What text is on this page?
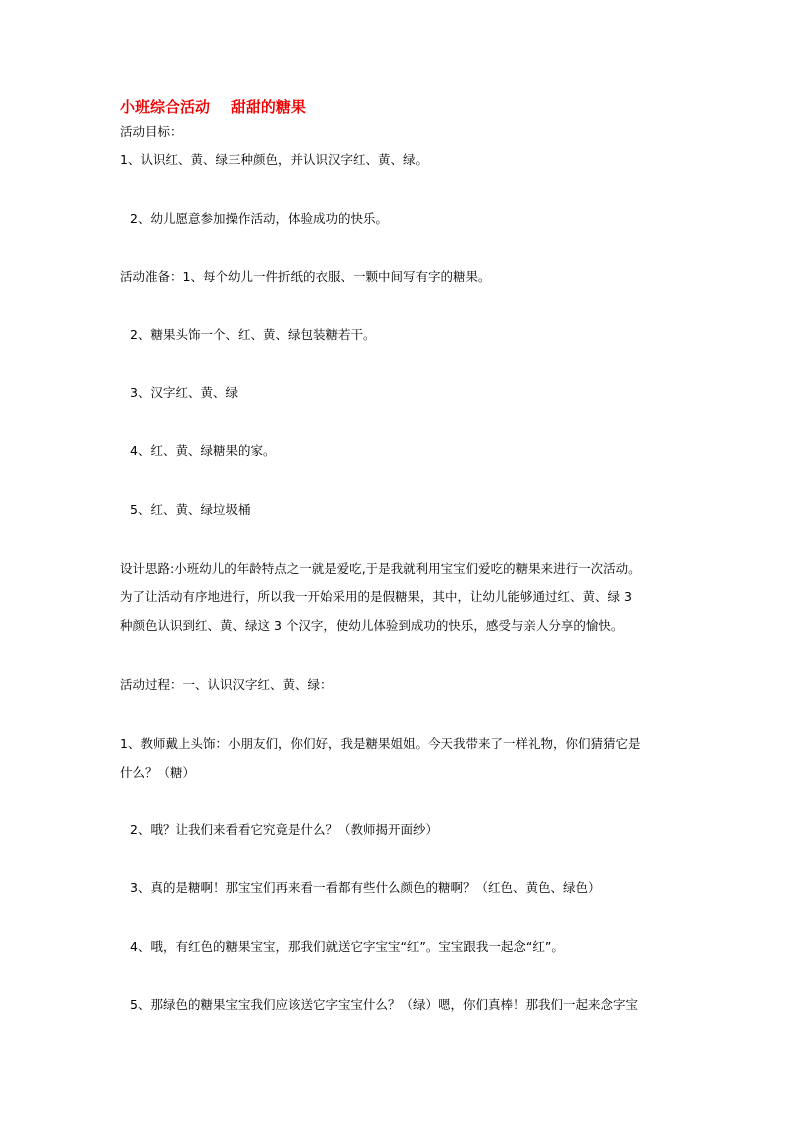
小班综合活动    甜甜的糖果

活动目标：

1、认识红、黄、绿三种颜色，并认识汉字红、黄、绿。

2、幼儿愿意参加操作活动，体验成功的快乐。

活动准备：1、每个幼儿一件折纸的衣服、一颗中间写有字的糖果。

2、糖果头饰一个、红、黄、绿包装糖若干。

3、汉字红、黄、绿

4、红、黄、绿糖果的家。

5、红、黄、绿垃圾桶

设计思路:小班幼儿的年龄特点之一就是爱吃,于是我就利用宝宝们爱吃的糖果来进行一次活动。

为了让活动有序地进行，所以我一开始采用的是假糖果，其中，让幼儿能够通过红、黄、绿 3

种颜色认识到红、黄、绿这 3 个汉字，使幼儿体验到成功的快乐，感受与亲人分享的愉快。

活动过程：一、认识汉字红、黄、绿：

1、教师戴上头饰：小朋友们，你们好，我是糖果姐姐。今天我带来了一样礼物，你们猜猜它是

什么？（糖）

2、哦？让我们来看看它究竟是什么？（教师揭开面纱）

3、真的是糖啊！那宝宝们再来看一看都有些什么颜色的糖啊？（红色、黄色、绿色）

4、哦，有红色的糖果宝宝，那我们就送它字宝宝“红”。宝宝跟我一起念“红”。

5、那绿色的糖果宝宝我们应该送它字宝宝什么？（绿）嗯，你们真棒！那我们一起来念字宝
